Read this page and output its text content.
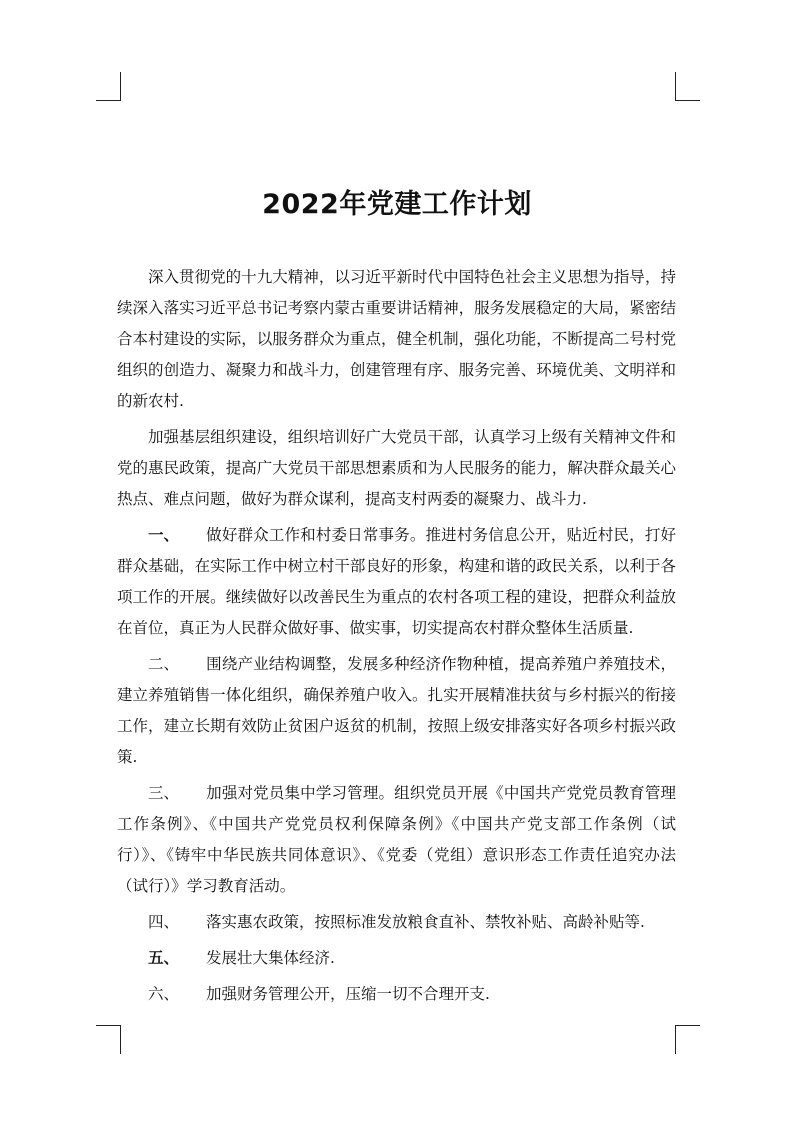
2022年党建工作计划

深入贯彻党的十九大精神，以习近平新时代中国特色社会主义思想为指导，持续深入落实习近平总书记考察内蒙古重要讲话精神，服务发展稳定的大局，紧密结合本村建设的实际，以服务群众为重点，健全机制，强化功能，不断提高二号村党组织的创造力、凝聚力和战斗力，创建管理有序、服务完善、环境优美、文明祥和的新农村.

加强基层组织建设，组织培训好广大党员干部，认真学习上级有关精神文件和党的惠民政策，提高广大党员干部思想素质和为人民服务的能力，解决群众最关心热点、难点问题，做好为群众谋利，提高支村两委的凝聚力、战斗力.

一、 做好群众工作和村委日常事务。推进村务信息公开，贴近村民，打好群众基础，在实际工作中树立村干部良好的形象，构建和谐的政民关系，以利于各项工作的开展。继续做好以改善民生为重点的农村各项工程的建设，把群众利益放在首位，真正为人民群众做好事、做实事，切实提高农村群众整体生活质量.

二、 围绕产业结构调整，发展多种经济作物种植，提高养殖户养殖技术，建立养殖销售一体化组织，确保养殖户收入。扎实开展精准扶贫与乡村振兴的衔接工作，建立长期有效防止贫困户返贫的机制，按照上级安排落实好各项乡村振兴政策.

三、 加强对党员集中学习管理。组织党员开展《中国共产党党员教育管理工作条例》、《中国共产党党员权利保障条例》《中国共产党支部工作条例（试行）》、《铸牢中华民族共同体意识》、《党委（党组）意识形态工作责任追究办法（试行）》学习教育活动。

四、 落实惠农政策，按照标准发放粮食直补、禁牧补贴、高龄补贴等.

五、 发展壮大集体经济.

六、 加强财务管理公开，压缩一切不合理开支.
